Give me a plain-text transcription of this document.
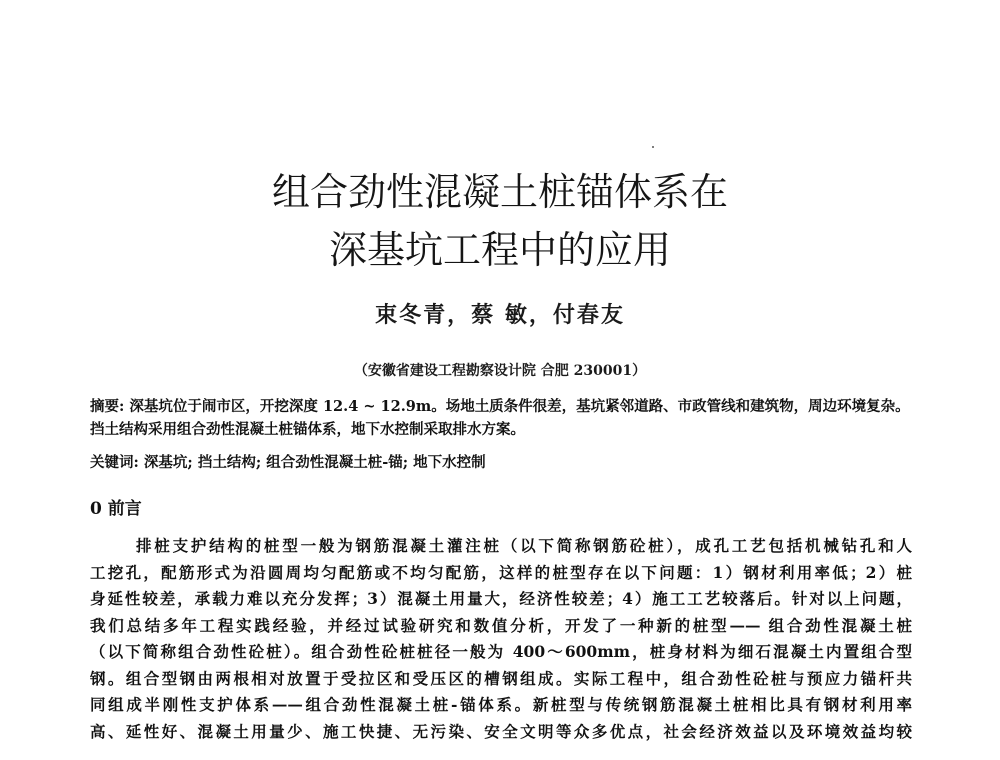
组合劲性混凝土桩锚体系在
深基坑工程中的应用
束冬青，蔡 敏，付春友
（安徽省建设工程勘察设计院 合肥 230001）
摘要: 深基坑位于闹市区，开挖深度 12.4 ~ 12.9m。场地土质条件很差，基坑紧邻道路、市政管线和建筑物，周边环境复杂。挡土结构采用组合劲性混凝土桩锚体系，地下水控制采取排水方案。
关键词: 深基坑; 挡土结构; 组合劲性混凝土桩-锚; 地下水控制
0 前言
排桩支护结构的桩型一般为钢筋混凝土灌注桩（以下简称钢筋砼桩），成孔工艺包括机械钻孔和人
工挖孔，配筋形式为沿圆周均匀配筋或不均匀配筋，这样的桩型存在以下问题：1）钢材利用率低；2）桩
身延性较差，承载力难以充分发挥；3）混凝土用量大，经济性较差；4）施工工艺较落后。针对以上问题，
我们总结多年工程实践经验，并经过试验研究和数值分析，开发了一种新的桩型—— 组合劲性混凝土桩
（以下简称组合劲性砼桩）。组合劲性砼桩桩径一般为 400～600mm，桩身材料为细石混凝土内置组合型
钢。组合型钢由两根相对放置于受拉区和受压区的槽钢组成。实际工程中，组合劲性砼桩与预应力锚杆共
同组成半刚性支护体系——组合劲性混凝土桩-锚体系。新桩型与传统钢筋混凝土桩相比具有钢材利用率
高、延性好、混凝土用量少、施工快捷、无污染、安全文明等众多优点，社会经济效益以及环境效益均较
